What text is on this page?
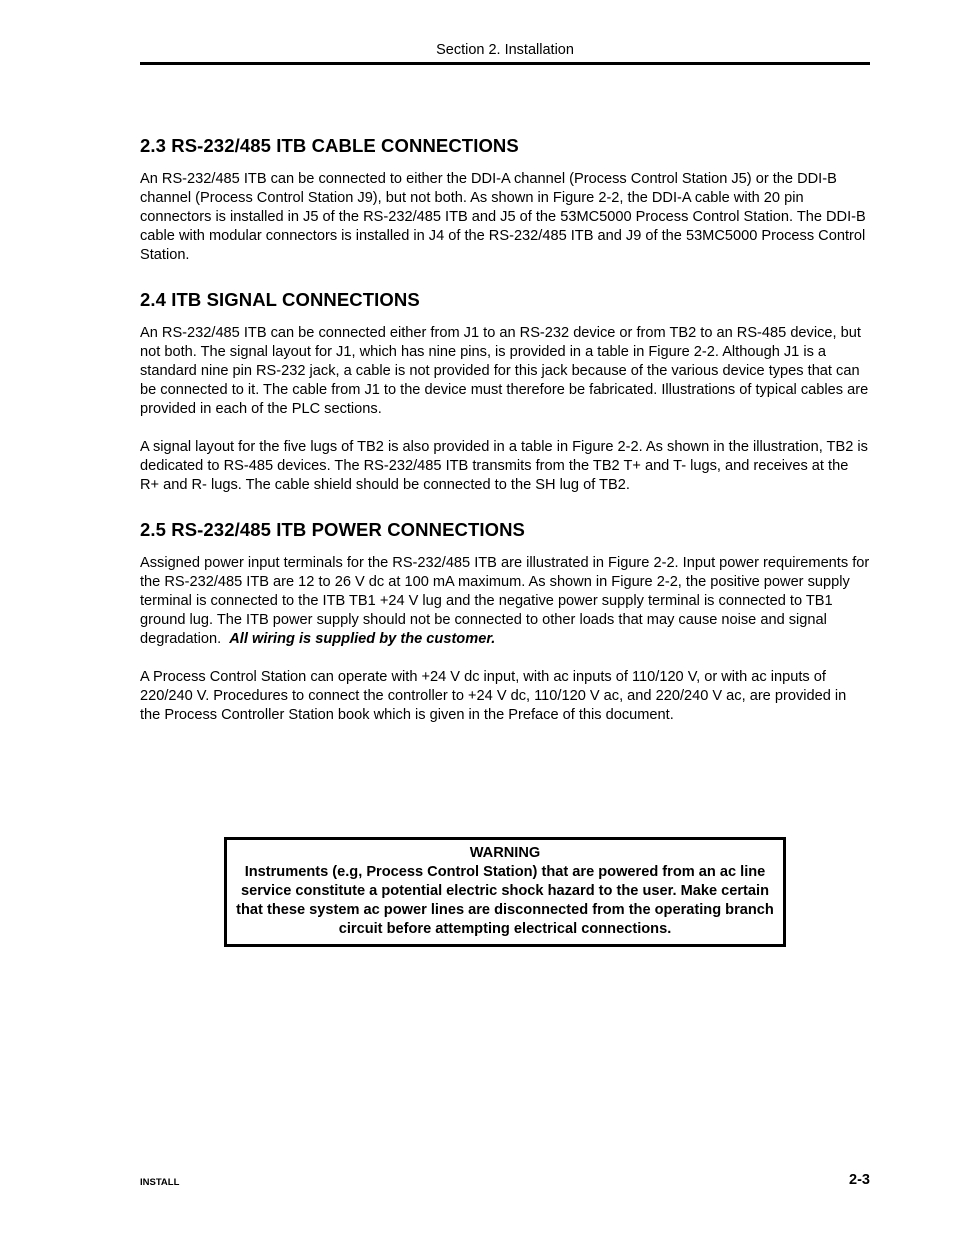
Section 2. Installation
2.3 RS-232/485 ITB CABLE CONNECTIONS

An RS-232/485 ITB can be connected to either the DDI-A channel (Process Control Station J5) or the DDI-B channel (Process Control Station J9), but not both. As shown in Figure 2-2, the DDI-A cable with 20 pin connectors is installed in J5 of the RS-232/485 ITB and J5 of the 53MC5000 Process Control Station. The DDI-B cable with modular connectors is installed in J4 of the RS-232/485 ITB and J9 of the 53MC5000 Process Control Station.

2.4 ITB SIGNAL CONNECTIONS

An RS-232/485 ITB can be connected either from J1 to an RS-232 device or from TB2 to an RS-485 device, but not both. The signal layout for J1, which has nine pins, is provided in a table in Figure 2-2. Although J1 is a standard nine pin RS-232 jack, a cable is not provided for this jack because of the various device types that can be connected to it. The cable from J1 to the device must therefore be fabricated. Illustrations of typical cables are provided in each of the PLC sections.

A signal layout for the five lugs of TB2 is also provided in a table in Figure 2-2. As shown in the illustration, TB2 is dedicated to RS-485 devices. The RS-232/485 ITB transmits from the TB2 T+ and T- lugs, and receives at the R+ and R- lugs. The cable shield should be connected to the SH lug of TB2.

2.5 RS-232/485 ITB POWER CONNECTIONS

Assigned power input terminals for the RS-232/485 ITB are illustrated in Figure 2-2. Input power requirements for the RS-232/485 ITB are 12 to 26 V dc at 100 mA maximum. As shown in Figure 2-2, the positive power supply terminal is connected to the ITB TB1 +24 V lug and the negative power supply terminal is connected to TB1 ground lug. The ITB power supply should not be connected to other loads that may cause noise and signal degradation. All wiring is supplied by the customer.

A Process Control Station can operate with +24 V dc input, with ac inputs of 110/120 V, or with ac inputs of 220/240 V. Procedures to connect the controller to +24 V dc, 110/120 V ac, and 220/240 V ac, are provided in the Process Controller Station book which is given in the Preface of this document.

WARNING
Instruments (e.g, Process Control Station) that are powered from an ac line service constitute a potential electric shock hazard to the user. Make certain that these system ac power lines are disconnected from the operating branch circuit before attempting electrical connections.
INSTALL	2-3
